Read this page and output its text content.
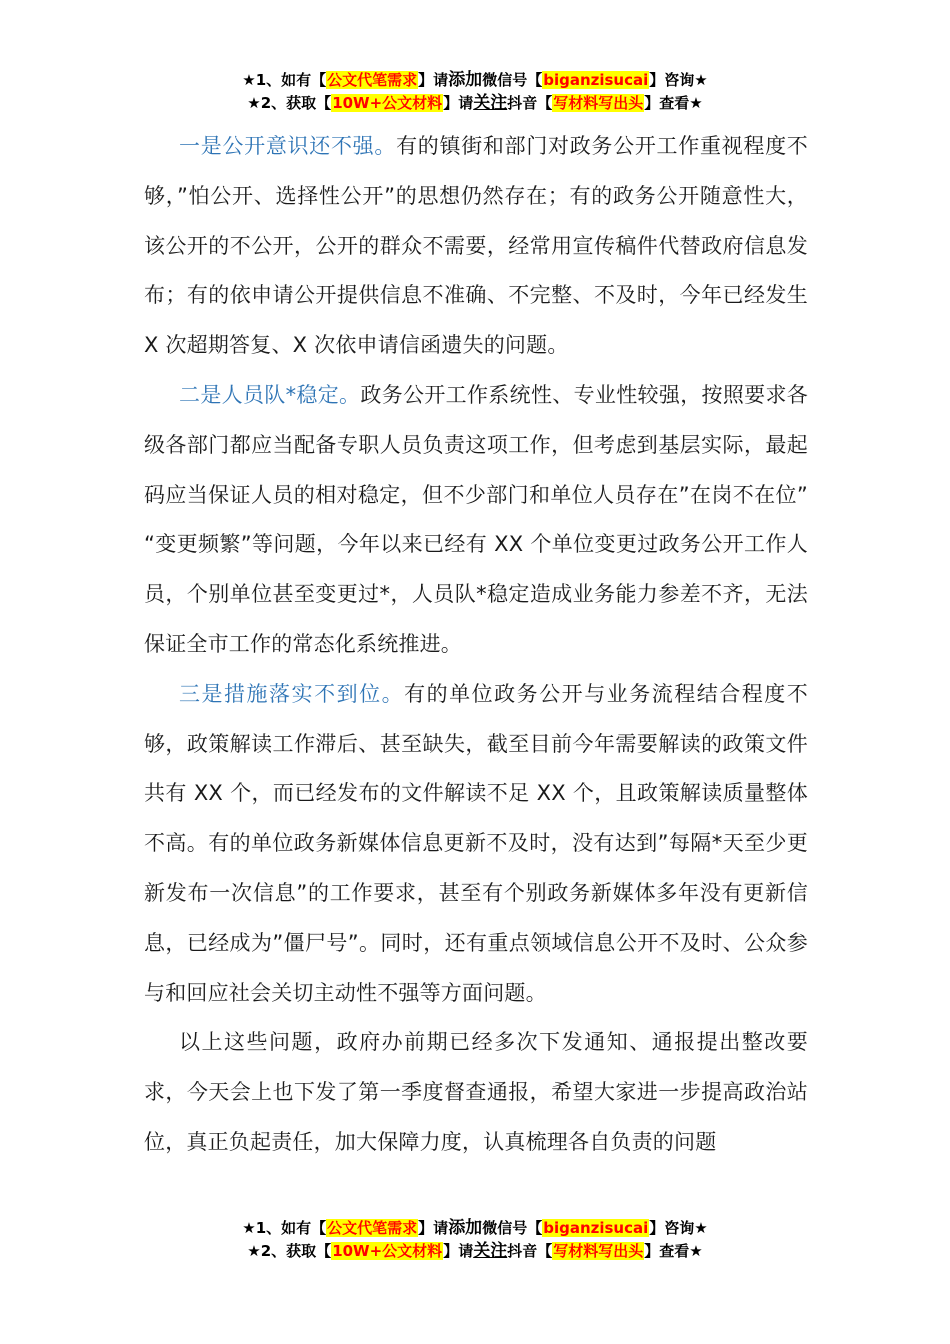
★1、如有【公文代笔需求】请添加微信号【biganzisucai】咨询★
★2、获取【10W+公文材料】请关注抖音【写材料写出头】查看★

一是公开意识还不强。有的镇街和部门对政务公开工作重视程度不够，”怕公开、选择性公开”的思想仍然存在；有的政务公开随意性大，该公开的不公开，公开的群众不需要，经常用宣传稿件代替政府信息发布；有的依申请公开提供信息不准确、不完整、不及时，今年已经发生 X 次超期答复、X 次依申请信函遗失的问题。

二是人员队*稳定。政务公开工作系统性、专业性较强，按照要求各级各部门都应当配备专职人员负责这项工作，但考虑到基层实际，最起码应当保证人员的相对稳定，但不少部门和单位人员存在”在岗不在位” “变更频繁”等问题，今年以来已经有 XX 个单位变更过政务公开工作人员，个别单位甚至变更过*，人员队*稳定造成业务能力参差不齐，无法保证全市工作的常态化系统推进。

三是措施落实不到位。有的单位政务公开与业务流程结合程度不够，政策解读工作滞后、甚至缺失，截至目前今年需要解读的政策文件共有 XX 个，而已经发布的文件解读不足 XX 个，且政策解读质量整体不高。有的单位政务新媒体信息更新不及时，没有达到”每隔*天至少更新发布一次信息”的工作要求，甚至有个别政务新媒体多年没有更新信息，已经成为”僵尸号”。同时，还有重点领域信息公开不及时、公众参与和回应社会关切主动性不强等方面问题。

以上这些问题，政府办前期已经多次下发通知、通报提出整改要求，今天会上也下发了第一季度督查通报，希望大家进一步提高政治站位，真正负起责任，加大保障力度，认真梳理各自负责的问题

★1、如有【公文代笔需求】请添加微信号【biganzisucai】咨询★
★2、获取【10W+公文材料】请关注抖音【写材料写出头】查看★
